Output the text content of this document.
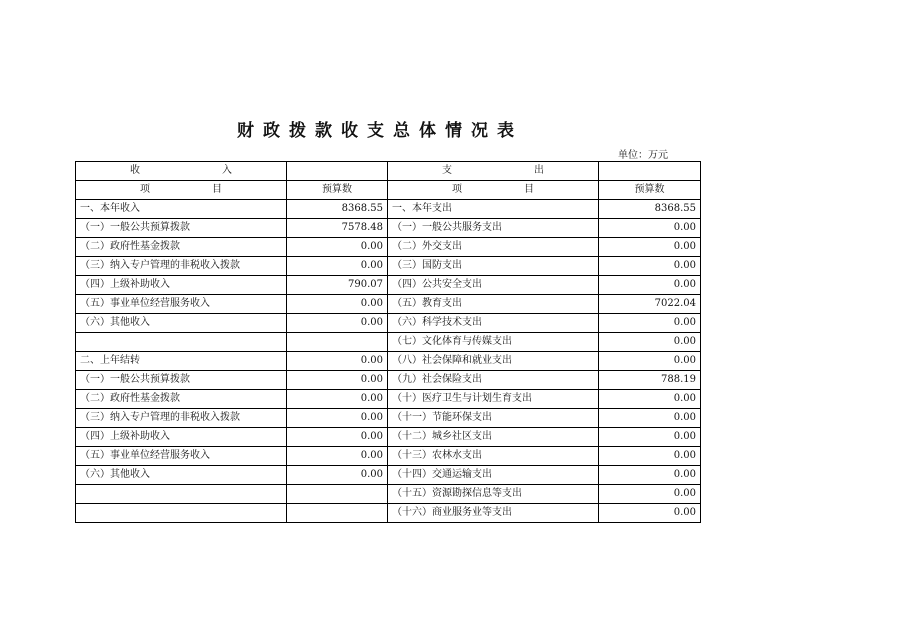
财政拨款收支总体情况表
单位：万元
收 入		支 出	

项 目	预算数	项 目	预算数
一、本年收入	8368.55	一、本年支出	8368.55
（一）一般公共预算拨款	7578.48	（一）一般公共服务支出	0.00
（二）政府性基金拨款	0.00	（二）外交支出	0.00
（三）纳入专户管理的非税收入拨款	0.00	（三）国防支出	0.00
（四）上级补助收入	790.07	（四）公共安全支出	0.00
（五）事业单位经营服务收入	0.00	（五）教育支出	7022.04
（六）其他收入	0.00	（六）科学技术支出	0.00
		（七）文化体育与传媒支出	0.00
二、上年结转	0.00	（八）社会保障和就业支出	0.00
（一）一般公共预算拨款	0.00	（九）社会保险支出	788.19
（二）政府性基金拨款	0.00	（十）医疗卫生与计划生育支出	0.00
（三）纳入专户管理的非税收入拨款	0.00	（十一）节能环保支出	0.00
（四）上级补助收入	0.00	（十二）城乡社区支出	0.00
（五）事业单位经营服务收入	0.00	（十三）农林水支出	0.00
（六）其他收入	0.00	（十四）交通运输支出	0.00
		（十五）资源勘探信息等支出	0.00
		（十六）商业服务业等支出	0.00
